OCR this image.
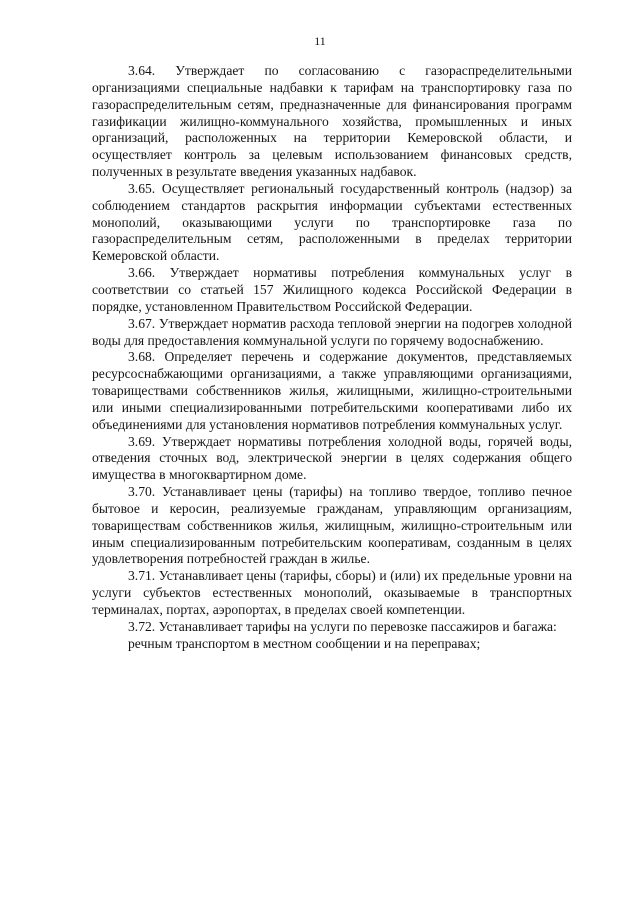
11

3.64. Утверждает по согласованию с газораспределительными организациями специальные надбавки к тарифам на транспортировку газа по газораспределительным сетям, предназначенные для финансирования программ газификации жилищно-коммунального хозяйства, промышленных и иных организаций, расположенных на территории Кемеровской области, и осуществляет контроль за целевым использованием финансовых средств, полученных в результате введения указанных надбавок.

3.65. Осуществляет региональный государственный контроль (надзор) за соблюдением стандартов раскрытия информации субъектами естественных монополий, оказывающими услуги по транспортировке газа по газораспределительным сетям, расположенными в пределах территории Кемеровской области.

3.66. Утверждает нормативы потребления коммунальных услуг в соответствии со статьей 157 Жилищного кодекса Российской Федерации в порядке, установленном Правительством Российской Федерации.

3.67. Утверждает норматив расхода тепловой энергии на подогрев холодной воды для предоставления коммунальной услуги по горячему водоснабжению.

3.68. Определяет перечень и содержание документов, представляемых ресурсоснабжающими организациями, а также управляющими организациями, товариществами собственников жилья, жилищными, жилищно-строительными или иными специализированными потребительскими кооперативами либо их объединениями для установления нормативов потребления коммунальных услуг.

3.69. Утверждает нормативы потребления холодной воды, горячей воды, отведения сточных вод, электрической энергии в целях содержания общего имущества в многоквартирном доме.

3.70. Устанавливает цены (тарифы) на топливо твердое, топливо печное бытовое и керосин, реализуемые гражданам, управляющим организациям, товариществам собственников жилья, жилищным, жилищно-строительным или иным специализированным потребительским кооперативам, созданным в целях удовлетворения потребностей граждан в жилье.

3.71. Устанавливает цены (тарифы, сборы) и (или) их предельные уровни на услуги субъектов естественных монополий, оказываемые в транспортных терминалах, портах, аэропортах, в пределах своей компетенции.

3.72. Устанавливает тарифы на услуги по перевозке пассажиров и багажа:

речным транспортом в местном сообщении и на переправах;
